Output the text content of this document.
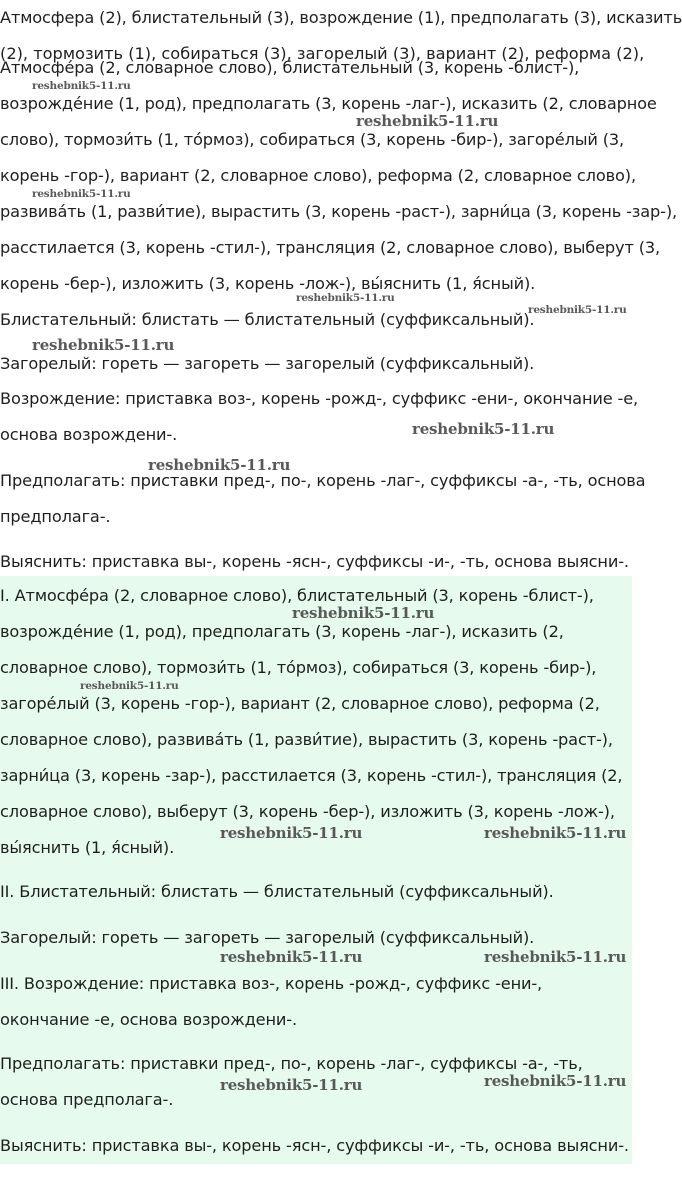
Атмосфера (2), блистательный (3), возрождение (1), предполагать (3), исказить
(2), тормозить (1), собираться (3), загорелый (3), вариант (2), реформа (2),
Атмосфе́ра (2, словарное слово), блистательный (3, корень -блист-),
возрожде́ние (1, род), предполагать (3, корень -лаг-), исказить (2, словарное
слово), тормози́ть (1, то́рмоз), собираться (3, корень -бир-), загоре́лый (3,
корень -гор-), вариант (2, словарное слово), реформа (2, словарное слово),
развива́ть (1, разви́тие), вырастить (3, корень -раст-), зарни́ца (3, корень -зар-),
расстилается (3, корень -стил-), трансляция (2, словарное слово), выберут (3,
корень -бер-), изложить (3, корень -лож-), вы́яснить (1, я́сный).
Блистательный: блистать — блистательный (суффиксальный).
Загорелый: гореть — загореть — загорелый (суффиксальный).
Возрождение: приставка воз-, корень -рожд-, суффикс -ени-, окончание -е,
основа возрождени-.
Предполагать: приставки пред-, по-, корень -лаг-, суффиксы -а-, -ть, основа
предполага-.
Выяснить: приставка вы-, корень -ясн-, суффиксы -и-, -ть, основа выясни-.
I. Атмосфе́ра (2, словарное слово), блистательный (3, корень -блист-),
возрожде́ние (1, род), предполагать (3, корень -лаг-), исказить (2,
словарное слово), тормози́ть (1, то́рмоз), собираться (3, корень -бир-),
загоре́лый (3, корень -гор-), вариант (2, словарное слово), реформа (2,
словарное слово), развива́ть (1, разви́тие), вырастить (3, корень -раст-),
зарни́ца (3, корень -зар-), расстилается (3, корень -стил-), трансляция (2,
словарное слово), выберут (3, корень -бер-), изложить (3, корень -лож-),
вы́яснить (1, я́сный).
II. Блистательный: блистать — блистательный (суффиксальный).
Загорелый: гореть — загореть — загорелый (суффиксальный).
III. Возрождение: приставка воз-, корень -рожд-, суффикс -ени-,
окончание -е, основа возрождени-.
Предполагать: приставки пред-, по-, корень -лаг-, суффиксы -а-, -ть,
основа предполага-.
Выяснить: приставка вы-, корень -ясн-, суффиксы -и-, -ть, основа выясни-.
reshebnik5-11.ru
reshebnik5-11.ru
reshebnik5-11.ru
reshebnik5-11.ru
reshebnik5-11.ru
reshebnik5-11.ru
reshebnik5-11.ru
reshebnik5-11.ru
reshebnik5-11.ru
reshebnik5-11.ru
reshebnik5-11.ru	reshebnik5-11.ru
reshebnik5-11.ru	reshebnik5-11.ru
reshebnik5-11.ru	reshebnik5-11.ru
